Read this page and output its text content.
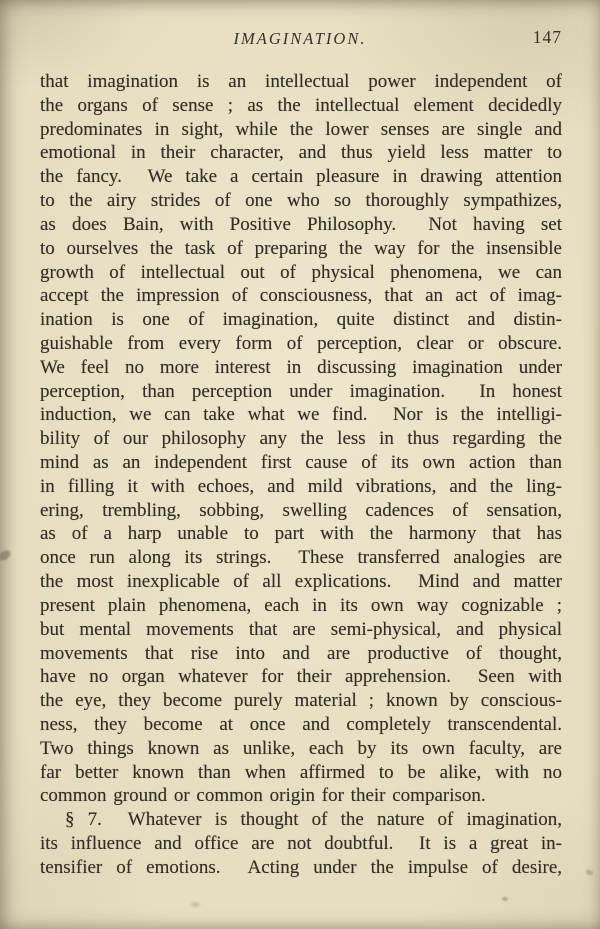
IMAGINATION.	147
that imagination is an intellectual power independent of
the organs of sense ; as the intellectual element decidedly
predominates in sight, while the lower senses are single and
emotional in their character, and thus yield less matter to
the fancy.  We take a certain pleasure in drawing attention
to the airy strides of one who so thoroughly sympathizes,
as does Bain, with Positive Philosophy.  Not having set
to ourselves the task of preparing the way for the insensible
growth of intellectual out of physical phenomena, we can
accept the impression of consciousness, that an act of imag-
ination is one of imagination, quite distinct and distin-
guishable from every form of perception, clear or obscure.
We feel no more interest in discussing imagination under
perception, than perception under imagination.  In honest
induction, we can take what we find.  Nor is the intelligi-
bility of our philosophy any the less in thus regarding the
mind as an independent first cause of its own action than
in filling it with echoes, and mild vibrations, and the ling-
ering, trembling, sobbing, swelling cadences of sensation,
as of a harp unable to part with the harmony that has
once run along its strings.  These transferred analogies are
the most inexplicable of all explications.  Mind and matter
present plain phenomena, each in its own way cognizable ;
but mental movements that are semi-physical, and physical
movements that rise into and are productive of thought,
have no organ whatever for their apprehension.  Seen with
the eye, they become purely material ; known by conscious-
ness, they become at once and completely transcendental.
Two things known as unlike, each by its own faculty, are
far better known than when affirmed to be alike, with no
common ground or common origin for their comparison.
§ 7.  Whatever is thought of the nature of imagination,
its influence and office are not doubtful.  It is a great in-
tensifier of emotions.  Acting under the impulse of desire,
